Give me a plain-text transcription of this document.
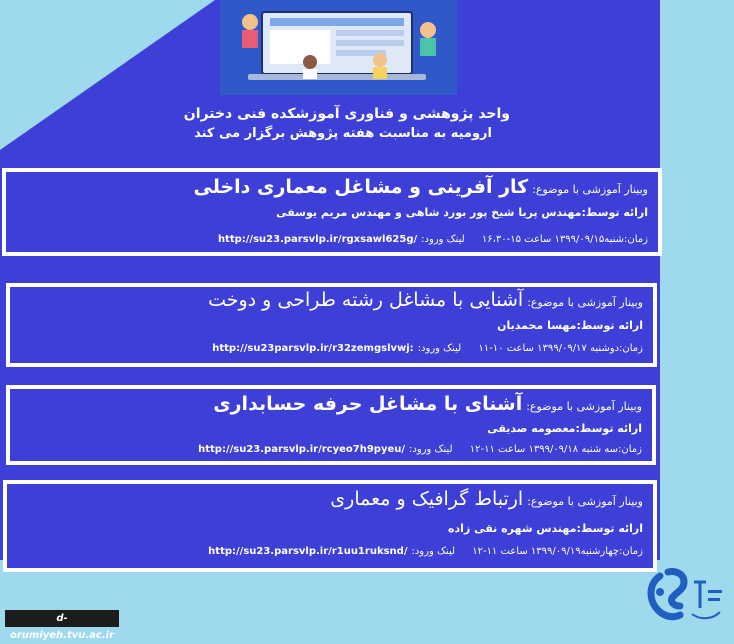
واحد پژوهشی و فناوری آموزشکده فنی دختران
ارومیه به مناسبت هفته پژوهش برگزار می کند
وبینار آموزشی با موضوع:کار آفرینی و مشاغل معماری داخلی
ارائه توسط:مهندس پریا شیخ پور بورد شاهی و مهندس مریم یوسفی
زمان:شنبه۱۳۹۹/۰۹/۱۵ ساعت ۱۵-۱۶،۳۰ لینک ورود:http://su23.parsvlp.ir/rgxsawl625g/
وبینار آموزشی با موضوع:آشنایی با مشاغل رشته طراحی و دوخت
ارائه توسط:مهسا محمدیان
زمان:دوشنبه ۱۳۹۹/۰۹/۱۷ ساعت ۱۰-۱۱ لینک ورود:http://su23parsvlp.ir/r32zemgslvwj:
وبینار آموزشی با موضوع:آشنای با مشاغل حرفه حسابداری
ارائه توسط:معصومه صدیقی
زمان:سه شنبه ۱۳۹۹/۰۹/۱۸ ساعت ۱۱-۱۲ لینک ورود:http://su23.parsvlp.ir/rcyeo7h9pyeu/
وبینار آموزشی با موضوع:ارتباط گرافیک و معماری
ارائه توسط:مهندس شهره نقی زاده
زمان:چهارشنبه۱۳۹۹/۰۹/۱۹ ساعت ۱۱-۱۲ لینک ورود:http://su23.parsvlp.ir/r1uu1ruksnd/
d-orumiyeh.tvu.ac.ir
